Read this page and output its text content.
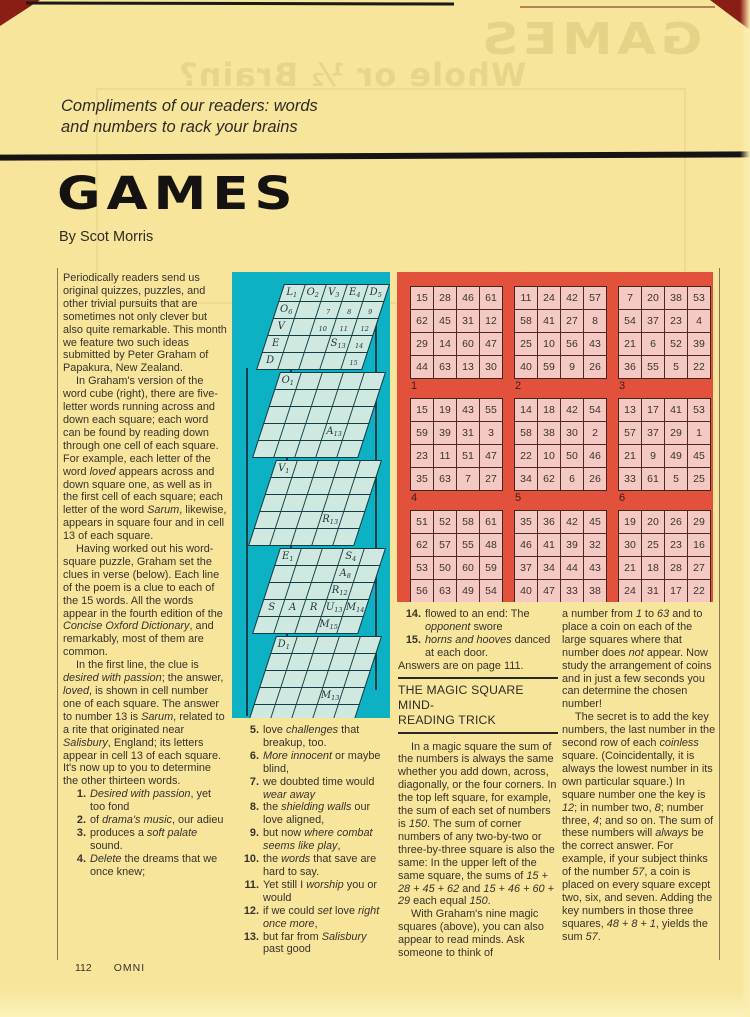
GAMES
Whole or ½ Brain?
Compliments of our readers: words
and numbers to rack your brains
GAMES
By Scot Morris

Periodically readers send us original quizzes, puzzles, and other trivial pursuits that are sometimes not only clever but also quite remarkable. This month we feature two such ideas submitted by Peter Graham of Papakura, New Zealand.

In Graham's version of the word cube (right), there are five-letter words running across and down each square; each word can be found by reading down through one cell of each square. For example, each letter of the word loved appears across and down square one, as well as in the first cell of each square; each letter of the word Sarum, likewise, appears in square four and in cell 13 of each square.

Having worked out his word-square puzzle, Graham set the clues in verse (below). Each line of the poem is a clue to each of the 15 words. All the words appear in the fourth edition of the Concise Oxford Dictionary, and remarkably, most of them are common.

In the first line, the clue is desired with passion; the answer, loved, is shown in cell number one of each square. The answer to number 13 is Sarum, related to a rite that originated near Salisbury, England; its letters appear in cell 13 of each square. It's now up to you to determine the other thirteen words.

1. Desired with passion, yet too fond
2. of drama's music, our adieu
3. produces a soft palate sound.
4. Delete the dreams that we once knew;
$L_1$ $O_2$ $V_3$ $E_4$ $D_5$
$O_6$	$_7$	$_8$	$_9$
V	$_{10}$	$_{11}$	$_{12}$
E	$S_{13}$	$_{14}$
D	$_{15}$
$O_1$
$A_{13}$
$V_1$
$R_{13}$
$E_1$	$S_4$
$A_8$
$R_{12}$
S	A	R $U_{13}$ $M_{14}$
$M_{15}$
$D_1$
$M_{13}$
15	28	46	61
62	45	31	12
29	14	60	47
44	63	13	30
1
11	24	42	57
58	41	27	8
25	10	56	43
40	59	9	26
2
7	20	38	53
54	37	23	4
21	6	52	39
36	55	5	22
3
15	19	43	55
59	39	31	3
23	11	51	47
35	63	7	27
4
14	18	42	54
58	38	30	2
22	10	50	46
34	62	6	26
5
13	17	41	53
57	37	29	1
21	9	49	45
33	61	5	25
6
51	52	58	61
62	57	55	48
53	50	60	59
56	63	49	54
35	36	42	45
46	41	39	32
37	34	44	43
40	47	33	38
19	20	26	29
30	25	23	16
21	18	28	27
24	31	17	22
5. love challenges that breakup, too.
6. More innocent or maybe blind,
7. we doubted time would wear away
8. the shielding walls our love aligned,
9. but now where combat seems like play,
10. the words that save are hard to say.
11. Yet still I worship you or would
12. if we could set love right once more,
13. but far from Salisbury past good
14. flowed to an end: The opponent swore
15. horns and hooves danced at each door.

Answers are on page 111.

THE MAGIC SQUARE MIND-
READING TRICK

In a magic square the sum of the numbers is always the same whether you add down, across, diagonally, or the four corners. In the top left square, for example, the sum of each set of numbers is 150. The sum of corner numbers of any two-by-two or three-by-three square is also the same: In the upper left of the same square, the sums of 15 + 28 + 45 + 62 and 15 + 46 + 60 + 29 each equal 150.

With Graham's nine magic squares (above), you can also appear to read minds. Ask someone to think of

a number from 1 to 63 and to place a coin on each of the large squares where that number does not appear. Now study the arrangement of coins and in just a few seconds you can determine the chosen number!

The secret is to add the key numbers, the last number in the second row of each coinless square. (Coincidentally, it is always the lowest number in its own particular square.) In square number one the key is 12; in number two, 8; number three, 4; and so on. The sum of these numbers will always be the correct answer. For example, if your subject thinks of the number 57, a coin is placed on every square except two, six, and seven. Adding the key numbers in those three squares, 48 + 8 + 1, yields the sum 57.

112 OMNI
